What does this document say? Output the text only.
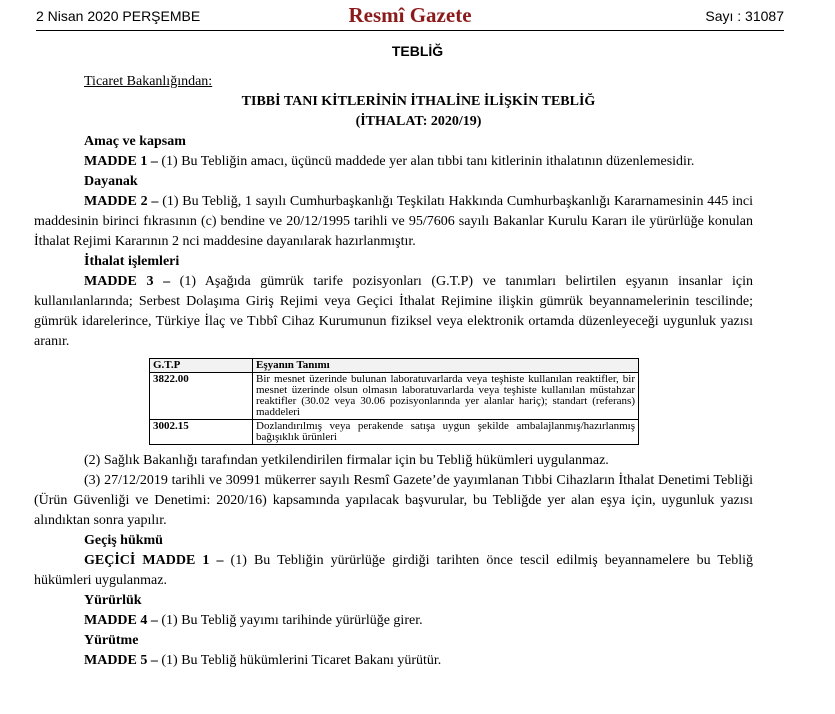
2 Nisan 2020 PERŞEMBE	Resmî Gazete	Sayı : 31087
TEBLİĞ

Ticaret Bakanlığından:

TIBBİ TANI KİTLERİNİN İTHALİNE İLİŞKİN TEBLİĞ

(İTHALAT: 2020/19)

Amaç ve kapsam

MADDE 1 – (1) Bu Tebliğin amacı, üçüncü maddede yer alan tıbbi tanı kitlerinin ithalatının düzenlemesidir.

Dayanak

MADDE 2 – (1) Bu Tebliğ, 1 sayılı Cumhurbaşkanlığı Teşkilatı Hakkında Cumhurbaşkanlığı Kararnamesinin 445 inci maddesinin birinci fıkrasının (c) bendine ve 20/12/1995 tarihli ve 95/7606 sayılı Bakanlar Kurulu Kararı ile yürürlüğe konulan İthalat Rejimi Kararının 2 nci maddesine dayanılarak hazırlanmıştır.

İthalat işlemleri

MADDE 3 – (1) Aşağıda gümrük tarife pozisyonları (G.T.P) ve tanımları belirtilen eşyanın insanlar için kullanılanlarında; Serbest Dolaşıma Giriş Rejimi veya Geçici İthalat Rejimine ilişkin gümrük beyannamelerinin tescilinde; gümrük idarelerince, Türkiye İlaç ve Tıbbî Cihaz Kurumunun fiziksel veya elektronik ortamda düzenleyeceği uygunluk yazısı aranır.

G.T.P	Eşyanın Tanımı
3822.00	Bir mesnet üzerinde bulunan laboratuvarlarda veya teşhiste kullanılan reaktifler, bir mesnet üzerinde olsun olmasın laboratuvarlarda veya teşhiste kullanılan müstahzar reaktifler (30.02 veya 30.06 pozisyonlarında yer alanlar hariç); standart (referans) maddeleri
3002.15	Dozlandırılmış veya perakende satışa uygun şekilde ambalajlanmış/hazırlanmış bağışıklık ürünleri

(2) Sağlık Bakanlığı tarafından yetkilendirilen firmalar için bu Tebliğ hükümleri uygulanmaz.

(3) 27/12/2019 tarihli ve 30991 mükerrer sayılı Resmî Gazete’de yayımlanan Tıbbi Cihazların İthalat Denetimi Tebliği (Ürün Güvenliği ve Denetimi: 2020/16) kapsamında yapılacak başvurular, bu Tebliğde yer alan eşya için, uygunluk yazısı alındıktan sonra yapılır.

Geçiş hükmü

GEÇİCİ MADDE 1 – (1) Bu Tebliğin yürürlüğe girdiği tarihten önce tescil edilmiş beyannamelere bu Tebliğ hükümleri uygulanmaz.

Yürürlük

MADDE 4 – (1) Bu Tebliğ yayımı tarihinde yürürlüğe girer.

Yürütme

MADDE 5 – (1) Bu Tebliğ hükümlerini Ticaret Bakanı yürütür.
